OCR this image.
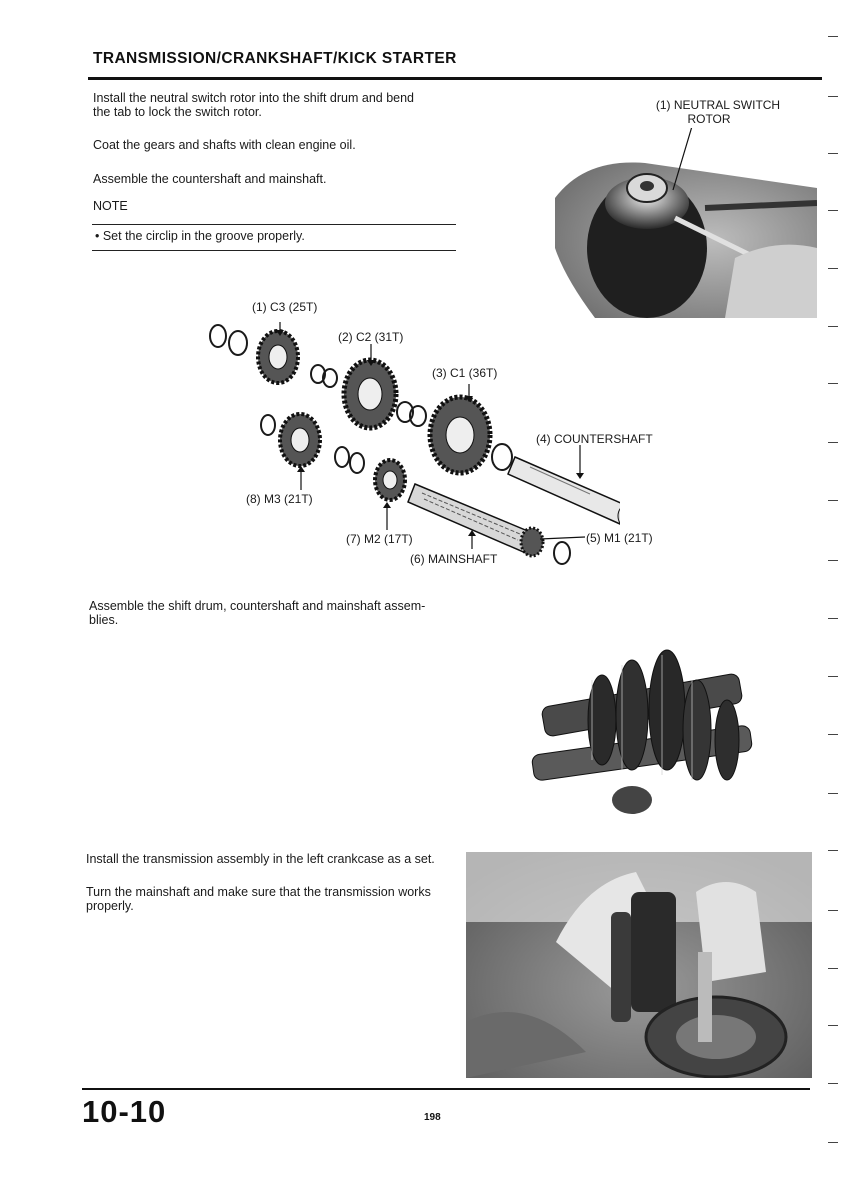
TRANSMISSION/CRANKSHAFT/KICK STARTER
Install the neutral switch rotor into the shift drum and bend
the tab to lock the switch rotor.
Coat the gears and shafts with clean engine oil.
Assemble the countershaft and mainshaft.
NOTE
• Set the circlip in the groove properly.
(1) NEUTRAL SWITCH
ROTOR
(1) C3 (25T)
(2) C2 (31T)
(3) C1 (36T)
(4) COUNTERSHAFT
(5) M1 (21T)
(6) MAINSHAFT
(7) M2 (17T)
(8) M3 (21T)
Assemble the shift drum, countershaft and mainshaft assem-
blies.
Install the transmission assembly in the left crankcase as a set.
Turn the mainshaft and make sure that the transmission works
properly.
10-10	198
